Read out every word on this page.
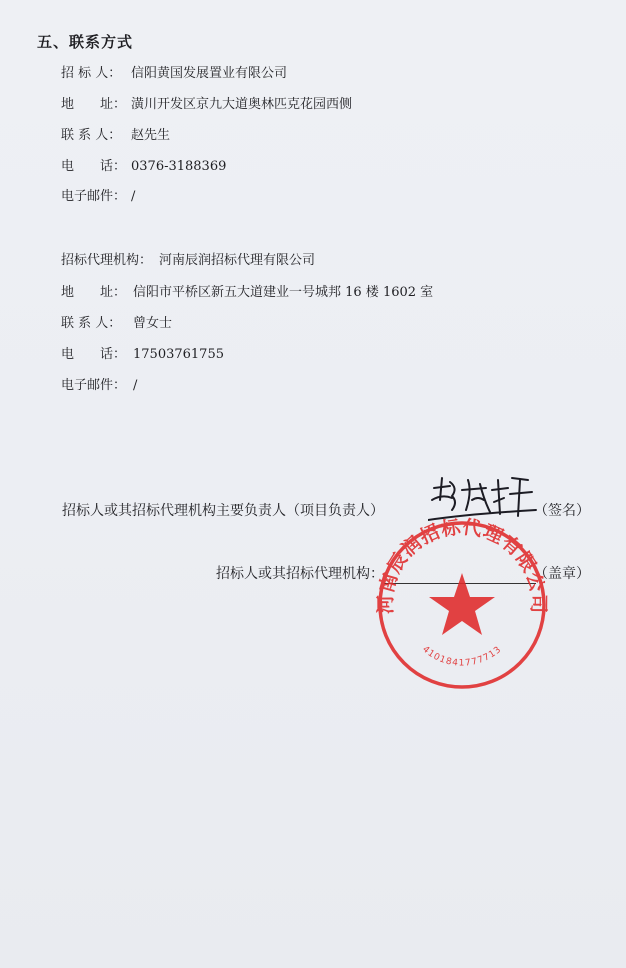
五、联系方式
招 标 人： 信阳黄国发展置业有限公司
地　　址： 潢川开发区京九大道奥林匹克花园西侧
联 系 人： 赵先生
电　　话： 0376-3188369
电子邮件： /
招标代理机构： 河南辰润招标代理有限公司
地　　址： 信阳市平桥区新五大道建业一号城邦 16 楼 1602 室
联 系 人： 曾女士
电　　话： 17503761755
电子邮件： /
招标人或其招标代理机构主要负责人（项目负责人）	（签名）
招标人或其招标代理机构：	（盖章）
河南辰润招标代理有限公司
4101841777713
